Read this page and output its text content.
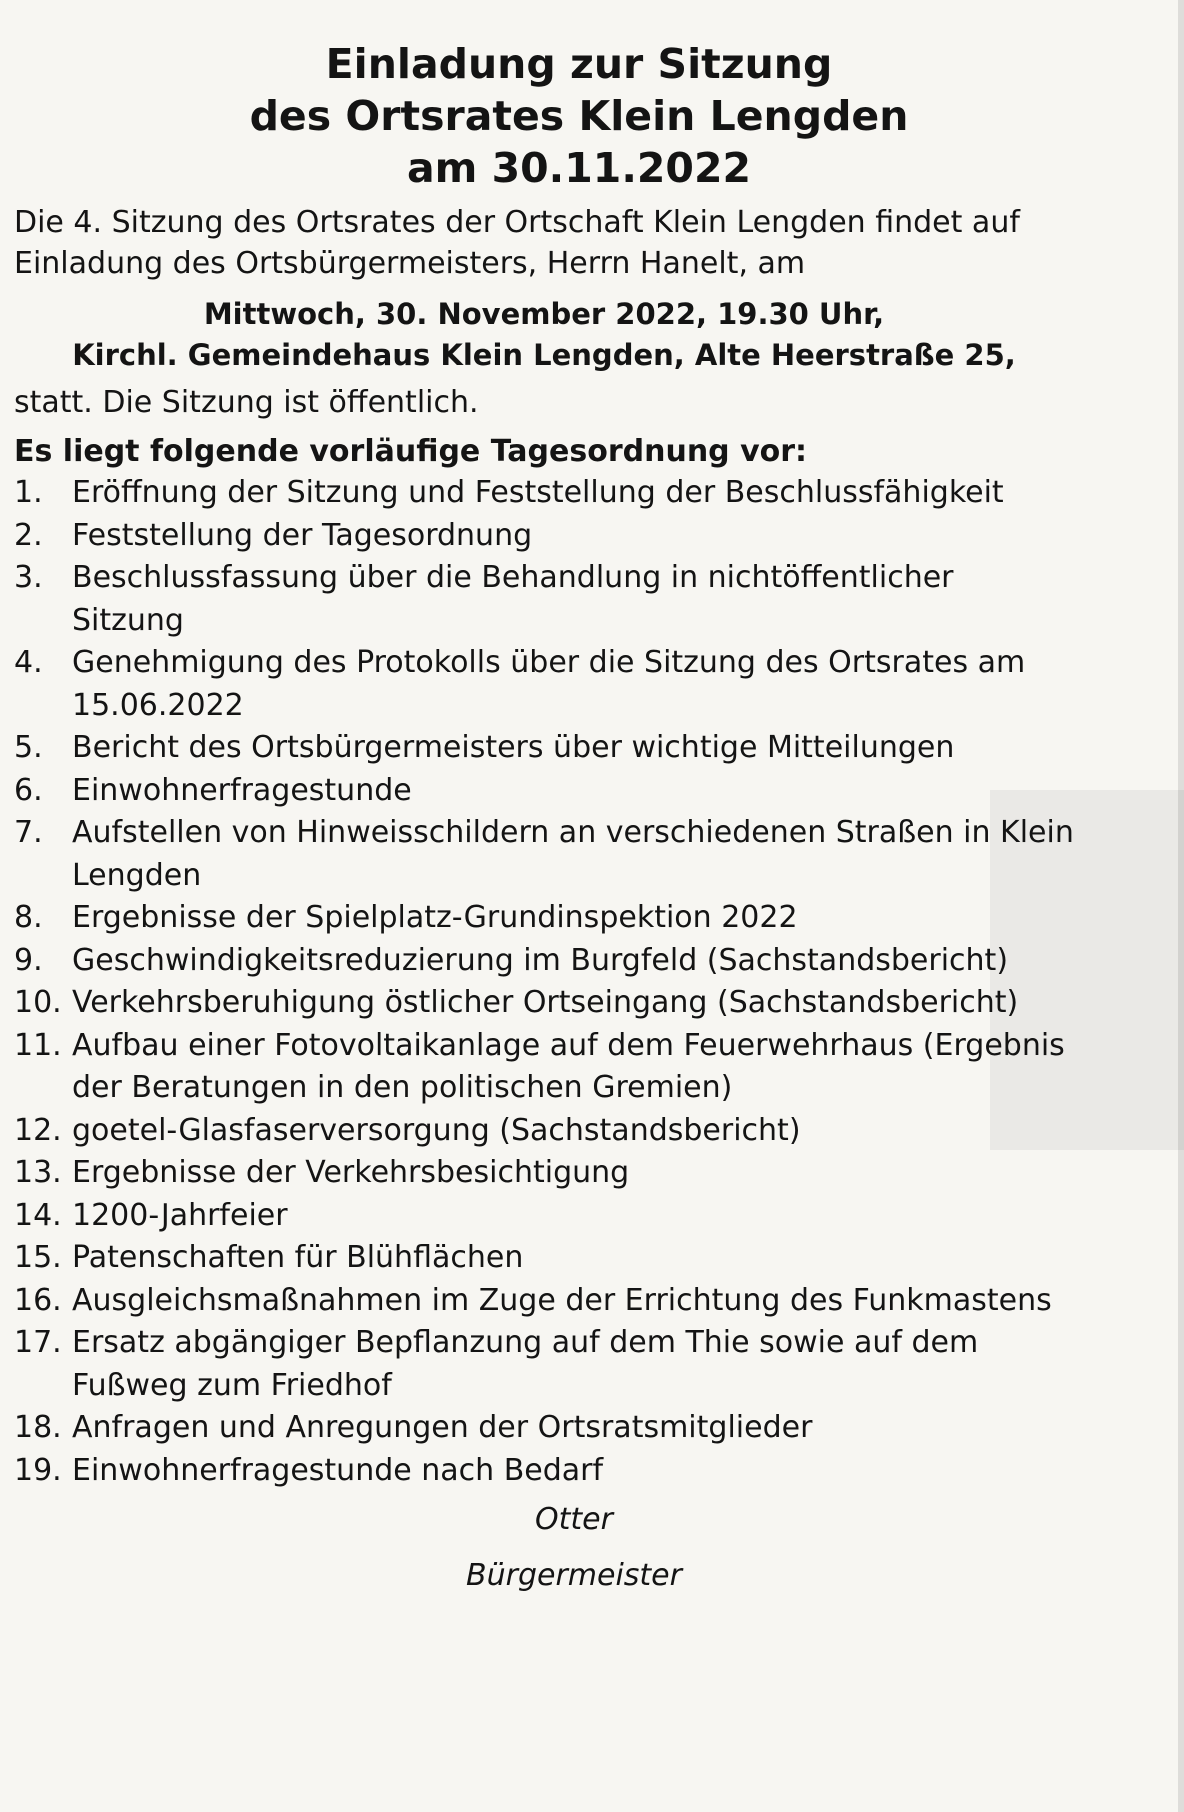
Einladung zur Sitzung
des Ortsrates Klein Lengden
am 30.11.2022

Die 4. Sitzung des Ortsrates der Ortschaft Klein Lengden findet auf Einladung des Ortsbürgermeisters, Herrn Hanelt, am

Mittwoch, 30. November 2022, 19.30 Uhr,

Kirchl. Gemeindehaus Klein Lengden, Alte Heerstraße 25,

statt. Die Sitzung ist öffentlich.

Es liegt folgende vorläufige Tagesordnung vor:

1. Eröffnung der Sitzung und Feststellung der Beschlussfähigkeit
2. Feststellung der Tagesordnung
3. Beschlussfassung über die Behandlung in nichtöffentlicher Sitzung
4. Genehmigung des Protokolls über die Sitzung des Ortsrates am 15.06.2022
5. Bericht des Ortsbürgermeisters über wichtige Mitteilungen
6. Einwohnerfragestunde
7. Aufstellen von Hinweisschildern an verschiedenen Straßen in Klein Lengden
8. Ergebnisse der Spielplatz-Grundinspektion 2022
9. Geschwindigkeitsreduzierung im Burgfeld (Sachstandsbericht)
10. Verkehrsberuhigung östlicher Ortseingang (Sachstandsbericht)
11. Aufbau einer Fotovoltaikanlage auf dem Feuerwehrhaus (Ergebnis der Beratungen in den politischen Gremien)
12. goetel-Glasfaserversorgung (Sachstandsbericht)
13. Ergebnisse der Verkehrsbesichtigung
14. 1200-Jahrfeier
15. Patenschaften für Blühflächen
16. Ausgleichsmaßnahmen im Zuge der Errichtung des Funkmastens
17. Ersatz abgängiger Bepflanzung auf dem Thie sowie auf dem Fußweg zum Friedhof
18. Anfragen und Anregungen der Ortsratsmitglieder
19. Einwohnerfragestunde nach Bedarf

Otter

Bürgermeister
